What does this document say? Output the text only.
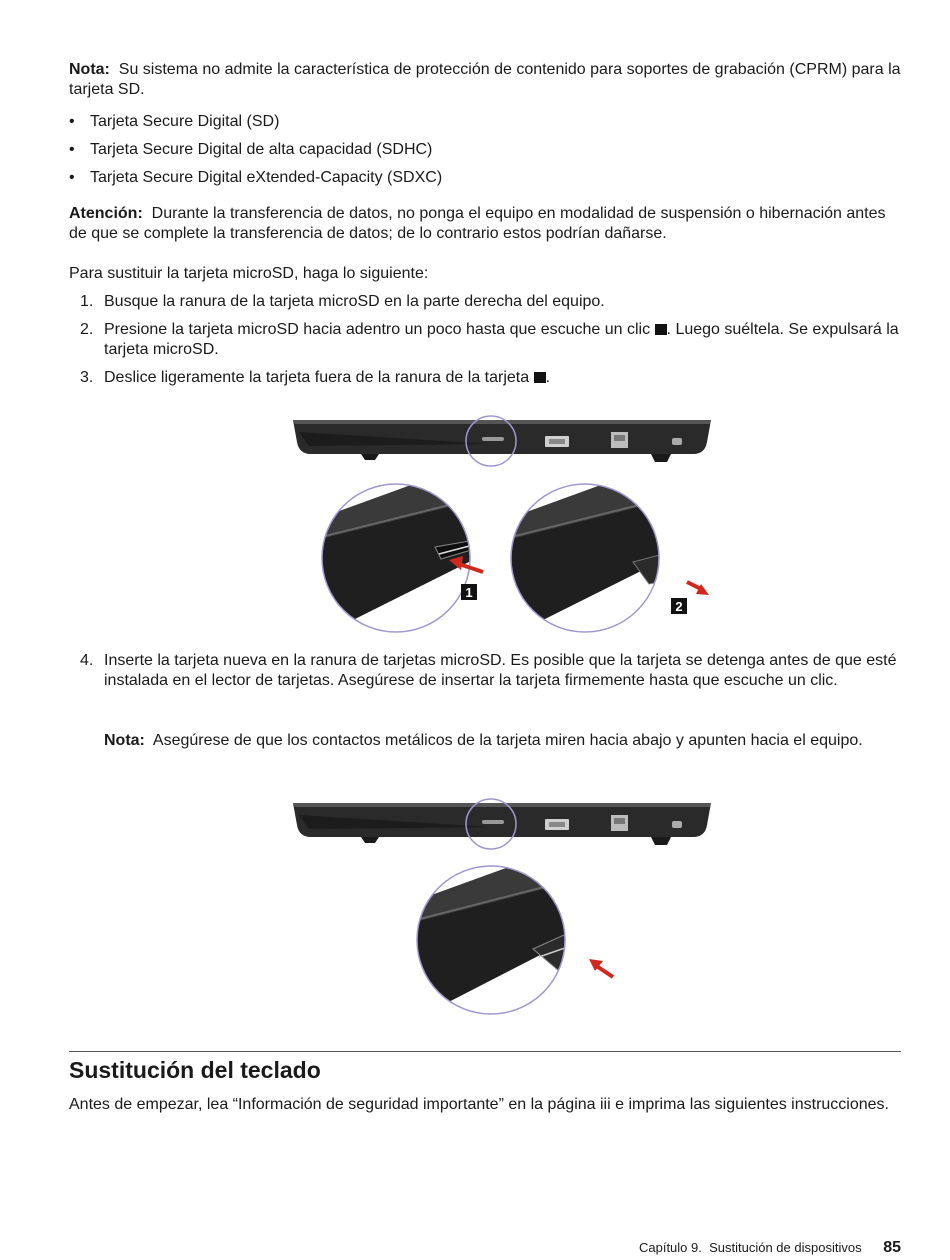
Nota: Su sistema no admite la característica de protección de contenido para soportes de grabación (CPRM) para la tarjeta SD.

• Tarjeta Secure Digital (SD)
• Tarjeta Secure Digital de alta capacidad (SDHC)
• Tarjeta Secure Digital eXtended-Capacity (SDXC)

Atención: Durante la transferencia de datos, no ponga el equipo en modalidad de suspensión o hibernación antes de que se complete la transferencia de datos; de lo contrario estos podrían dañarse.

Para sustituir la tarjeta microSD, haga lo siguiente:

1. Busque la ranura de la tarjeta microSD en la parte derecha del equipo.
2. Presione la tarjeta microSD hacia adentro un poco hasta que escuche un clic . Luego suéltela. Se expulsará la tarjeta microSD.
3. Deslice ligeramente la tarjeta fuera de la ranura de la tarjeta .
1
2
4. Inserte la tarjeta nueva en la ranura de tarjetas microSD. Es posible que la tarjeta se detenga antes de que esté instalada en el lector de tarjetas. Asegúrese de insertar la tarjeta firmemente hasta que escuche un clic.

Nota: Asegúrese de que los contactos metálicos de la tarjeta miren hacia abajo y apunten hacia el equipo.

Sustitución del teclado

Antes de empezar, lea “Información de seguridad importante” en la página iii e imprima las siguientes instrucciones.

Capítulo 9. Sustitución de dispositivos 85
